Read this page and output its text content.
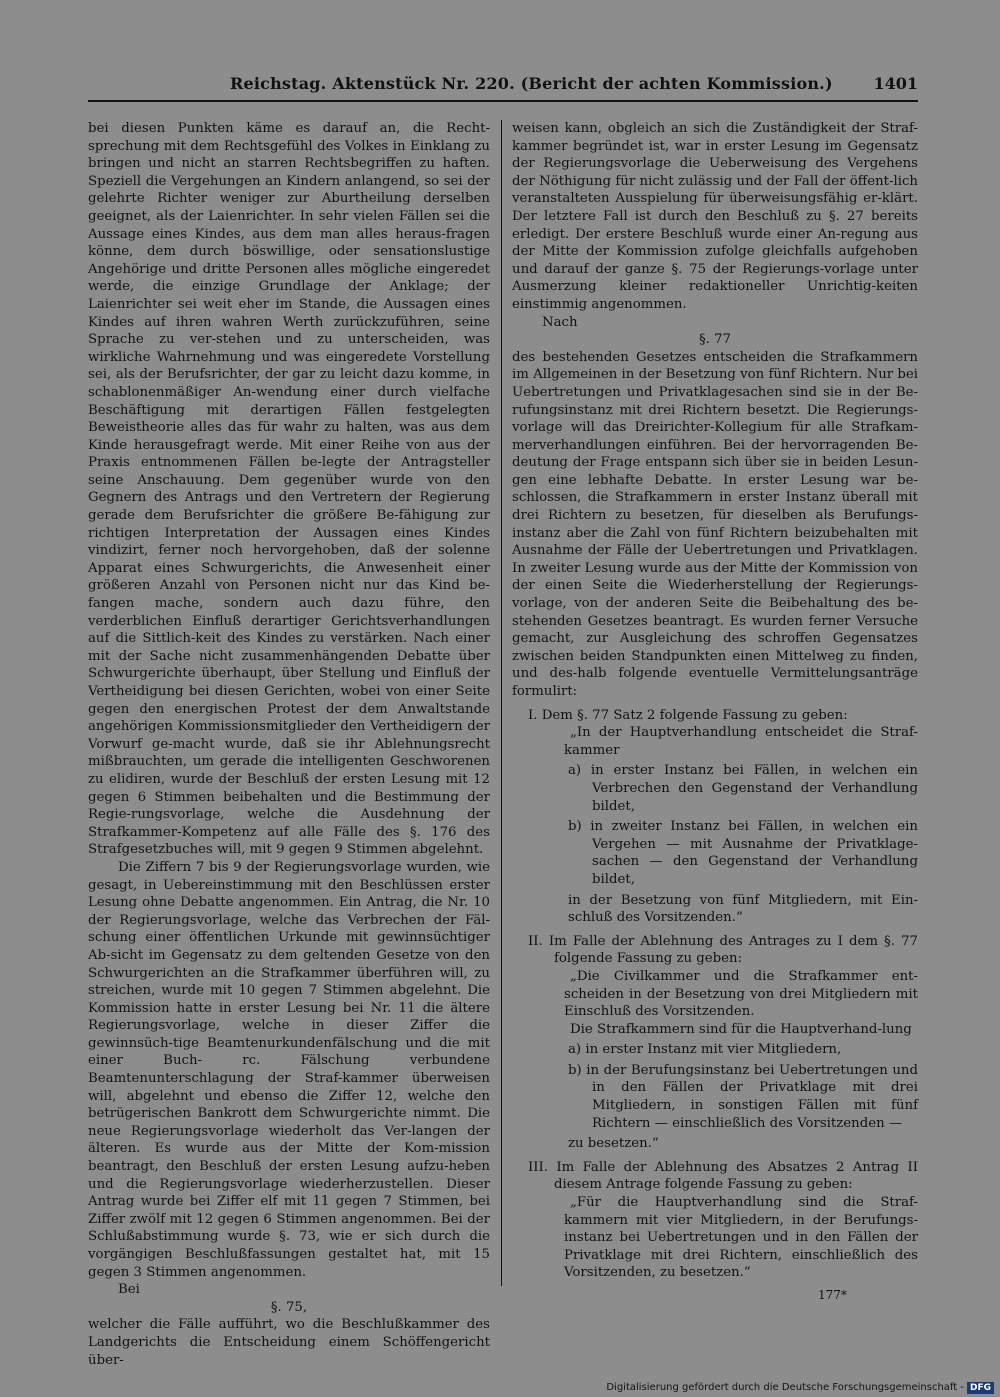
Reichstag. Aktenstück Nr. 220. (Bericht der achten Kommission.)	1401

bei diesen Punkten käme es darauf an, die Recht-sprechung mit dem Rechtsgefühl des Volkes in Einklang zu bringen und nicht an starren Rechtsbegriffen zu haften. Speziell die Vergehungen an Kindern anlangend, so sei der gelehrte Richter weniger zur Aburtheilung derselben geeignet, als der Laienrichter. In sehr vielen Fällen sei die Aussage eines Kindes, aus dem man alles heraus-fragen könne, dem durch böswillige, oder sensationslustige Angehörige und dritte Personen alles mögliche eingeredet werde, die einzige Grundlage der Anklage; der Laienrichter sei weit eher im Stande, die Aussagen eines Kindes auf ihren wahren Werth zurückzuführen, seine Sprache zu ver-stehen und zu unterscheiden, was wirkliche Wahrnehmung und was eingeredete Vorstellung sei, als der Berufsrichter, der gar zu leicht dazu komme, in schablonenmäßiger An-wendung einer durch vielfache Beschäftigung mit derartigen Fällen festgelegten Beweistheorie alles das für wahr zu halten, was aus dem Kinde herausgefragt werde. Mit einer Reihe von aus der Praxis entnommenen Fällen be-legte der Antragsteller seine Anschauung. Dem gegenüber wurde von den Gegnern des Antrags und den Vertretern der Regierung gerade dem Berufsrichter die größere Be-fähigung zur richtigen Interpretation der Aussagen eines Kindes vindizirt, ferner noch hervorgehoben, daß der solenne Apparat eines Schwurgerichts, die Anwesenheit einer größeren Anzahl von Personen nicht nur das Kind be-fangen mache, sondern auch dazu führe, den verderblichen Einfluß derartiger Gerichtsverhandlungen auf die Sittlich-keit des Kindes zu verstärken. Nach einer mit der Sache nicht zusammenhängenden Debatte über Schwurgerichte überhaupt, über Stellung und Einfluß der Vertheidigung bei diesen Gerichten, wobei von einer Seite gegen den energischen Protest der dem Anwaltstande angehörigen Kommissionsmitglieder den Vertheidigern der Vorwurf ge-macht wurde, daß sie ihr Ablehnungsrecht mißbrauchten, um gerade die intelligenten Geschworenen zu elidiren, wurde der Beschluß der ersten Lesung mit 12 gegen 6 Stimmen beibehalten und die Bestimmung der Regie-rungsvorlage, welche die Ausdehnung der Strafkammer-Kompetenz auf alle Fälle des §. 176 des Strafgesetzbuches will, mit 9 gegen 9 Stimmen abgelehnt.

Die Ziffern 7 bis 9 der Regierungsvorlage wurden, wie gesagt, in Uebereinstimmung mit den Beschlüssen erster Lesung ohne Debatte angenommen. Ein Antrag, die Nr. 10 der Regierungsvorlage, welche das Verbrechen der Fäl-schung einer öffentlichen Urkunde mit gewinnsüchtiger Ab-sicht im Gegensatz zu dem geltenden Gesetze von den Schwurgerichten an die Strafkammer überführen will, zu streichen, wurde mit 10 gegen 7 Stimmen abgelehnt. Die Kommission hatte in erster Lesung bei Nr. 11 die ältere Regierungsvorlage, welche in dieser Ziffer die gewinnsüch-tige Beamtenurkundenfälschung und die mit einer Buch- rc. Fälschung verbundene Beamtenunterschlagung der Straf-kammer überweisen will, abgelehnt und ebenso die Ziffer 12, welche den betrügerischen Bankrott dem Schwurgerichte nimmt. Die neue Regierungsvorlage wiederholt das Ver-langen der älteren. Es wurde aus der Mitte der Kom-mission beantragt, den Beschluß der ersten Lesung aufzu-heben und die Regierungsvorlage wiederherzustellen. Dieser Antrag wurde bei Ziffer elf mit 11 gegen 7 Stimmen, bei Ziffer zwölf mit 12 gegen 6 Stimmen angenommen. Bei der Schlußabstimmung wurde §. 73, wie er sich durch die vorgängigen Beschlußfassungen gestaltet hat, mit 15 gegen 3 Stimmen angenommen.

Bei

§. 75,

welcher die Fälle aufführt, wo die Beschlußkammer des Landgerichts die Entscheidung einem Schöffengericht über-

weisen kann, obgleich an sich die Zuständigkeit der Straf-kammer begründet ist, war in erster Lesung im Gegensatz der Regierungsvorlage die Ueberweisung des Vergehens der Nöthigung für nicht zulässig und der Fall der öffent-lich veranstalteten Ausspielung für überweisungsfähig er-klärt. Der letztere Fall ist durch den Beschluß zu §. 27 bereits erledigt. Der erstere Beschluß wurde einer An-regung aus der Mitte der Kommission zufolge gleichfalls aufgehoben und darauf der ganze §. 75 der Regierungs-vorlage unter Ausmerzung kleiner redaktioneller Unrichtig-keiten einstimmig angenommen.

Nach

§. 77

des bestehenden Gesetzes entscheiden die Strafkammern im Allgemeinen in der Besetzung von fünf Richtern. Nur bei Uebertretungen und Privatklagesachen sind sie in der Be-rufungsinstanz mit drei Richtern besetzt. Die Regierungs-vorlage will das Dreirichter-Kollegium für alle Strafkam-merverhandlungen einführen. Bei der hervorragenden Be-deutung der Frage entspann sich über sie in beiden Lesun-gen eine lebhafte Debatte. In erster Lesung war be-schlossen, die Strafkammern in erster Instanz überall mit drei Richtern zu besetzen, für dieselben als Berufungs-instanz aber die Zahl von fünf Richtern beizubehalten mit Ausnahme der Fälle der Uebertretungen und Privatklagen. In zweiter Lesung wurde aus der Mitte der Kommission von der einen Seite die Wiederherstellung der Regierungs-vorlage, von der anderen Seite die Beibehaltung des be-stehenden Gesetzes beantragt. Es wurden ferner Versuche gemacht, zur Ausgleichung des schroffen Gegensatzes zwischen beiden Standpunkten einen Mittelweg zu finden, und des-halb folgende eventuelle Vermittelungsanträge formulirt:

I. Dem §. 77 Satz 2 folgende Fassung zu geben:

„In der Hauptverhandlung entscheidet die Straf-kammer

a) in erster Instanz bei Fällen, in welchen ein Verbrechen den Gegenstand der Verhandlung bildet,

b) in zweiter Instanz bei Fällen, in welchen ein Vergehen — mit Ausnahme der Privatklage-sachen — den Gegenstand der Verhandlung bildet,

in der Besetzung von fünf Mitgliedern, mit Ein-schluß des Vorsitzenden.“

II. Im Falle der Ablehnung des Antrages zu I dem §. 77 folgende Fassung zu geben:

„Die Civilkammer und die Strafkammer ent-scheiden in der Besetzung von drei Mitgliedern mit Einschluß des Vorsitzenden.

Die Strafkammern sind für die Hauptverhand-lung

a) in erster Instanz mit vier Mitgliedern,

b) in der Berufungsinstanz bei Uebertretungen und in den Fällen der Privatklage mit drei Mitgliedern, in sonstigen Fällen mit fünf Richtern — einschließlich des Vorsitzenden —

zu besetzen.“

III. Im Falle der Ablehnung des Absatzes 2 Antrag II diesem Antrage folgende Fassung zu geben:

„Für die Hauptverhandlung sind die Straf-kammern mit vier Mitgliedern, in der Berufungs-instanz bei Uebertretungen und in den Fällen der Privatklage mit drei Richtern, einschließlich des Vorsitzenden, zu besetzen.“

177*
Digitalisierung gefördert durch die Deutsche Forschungsgemeinschaft - DFG
